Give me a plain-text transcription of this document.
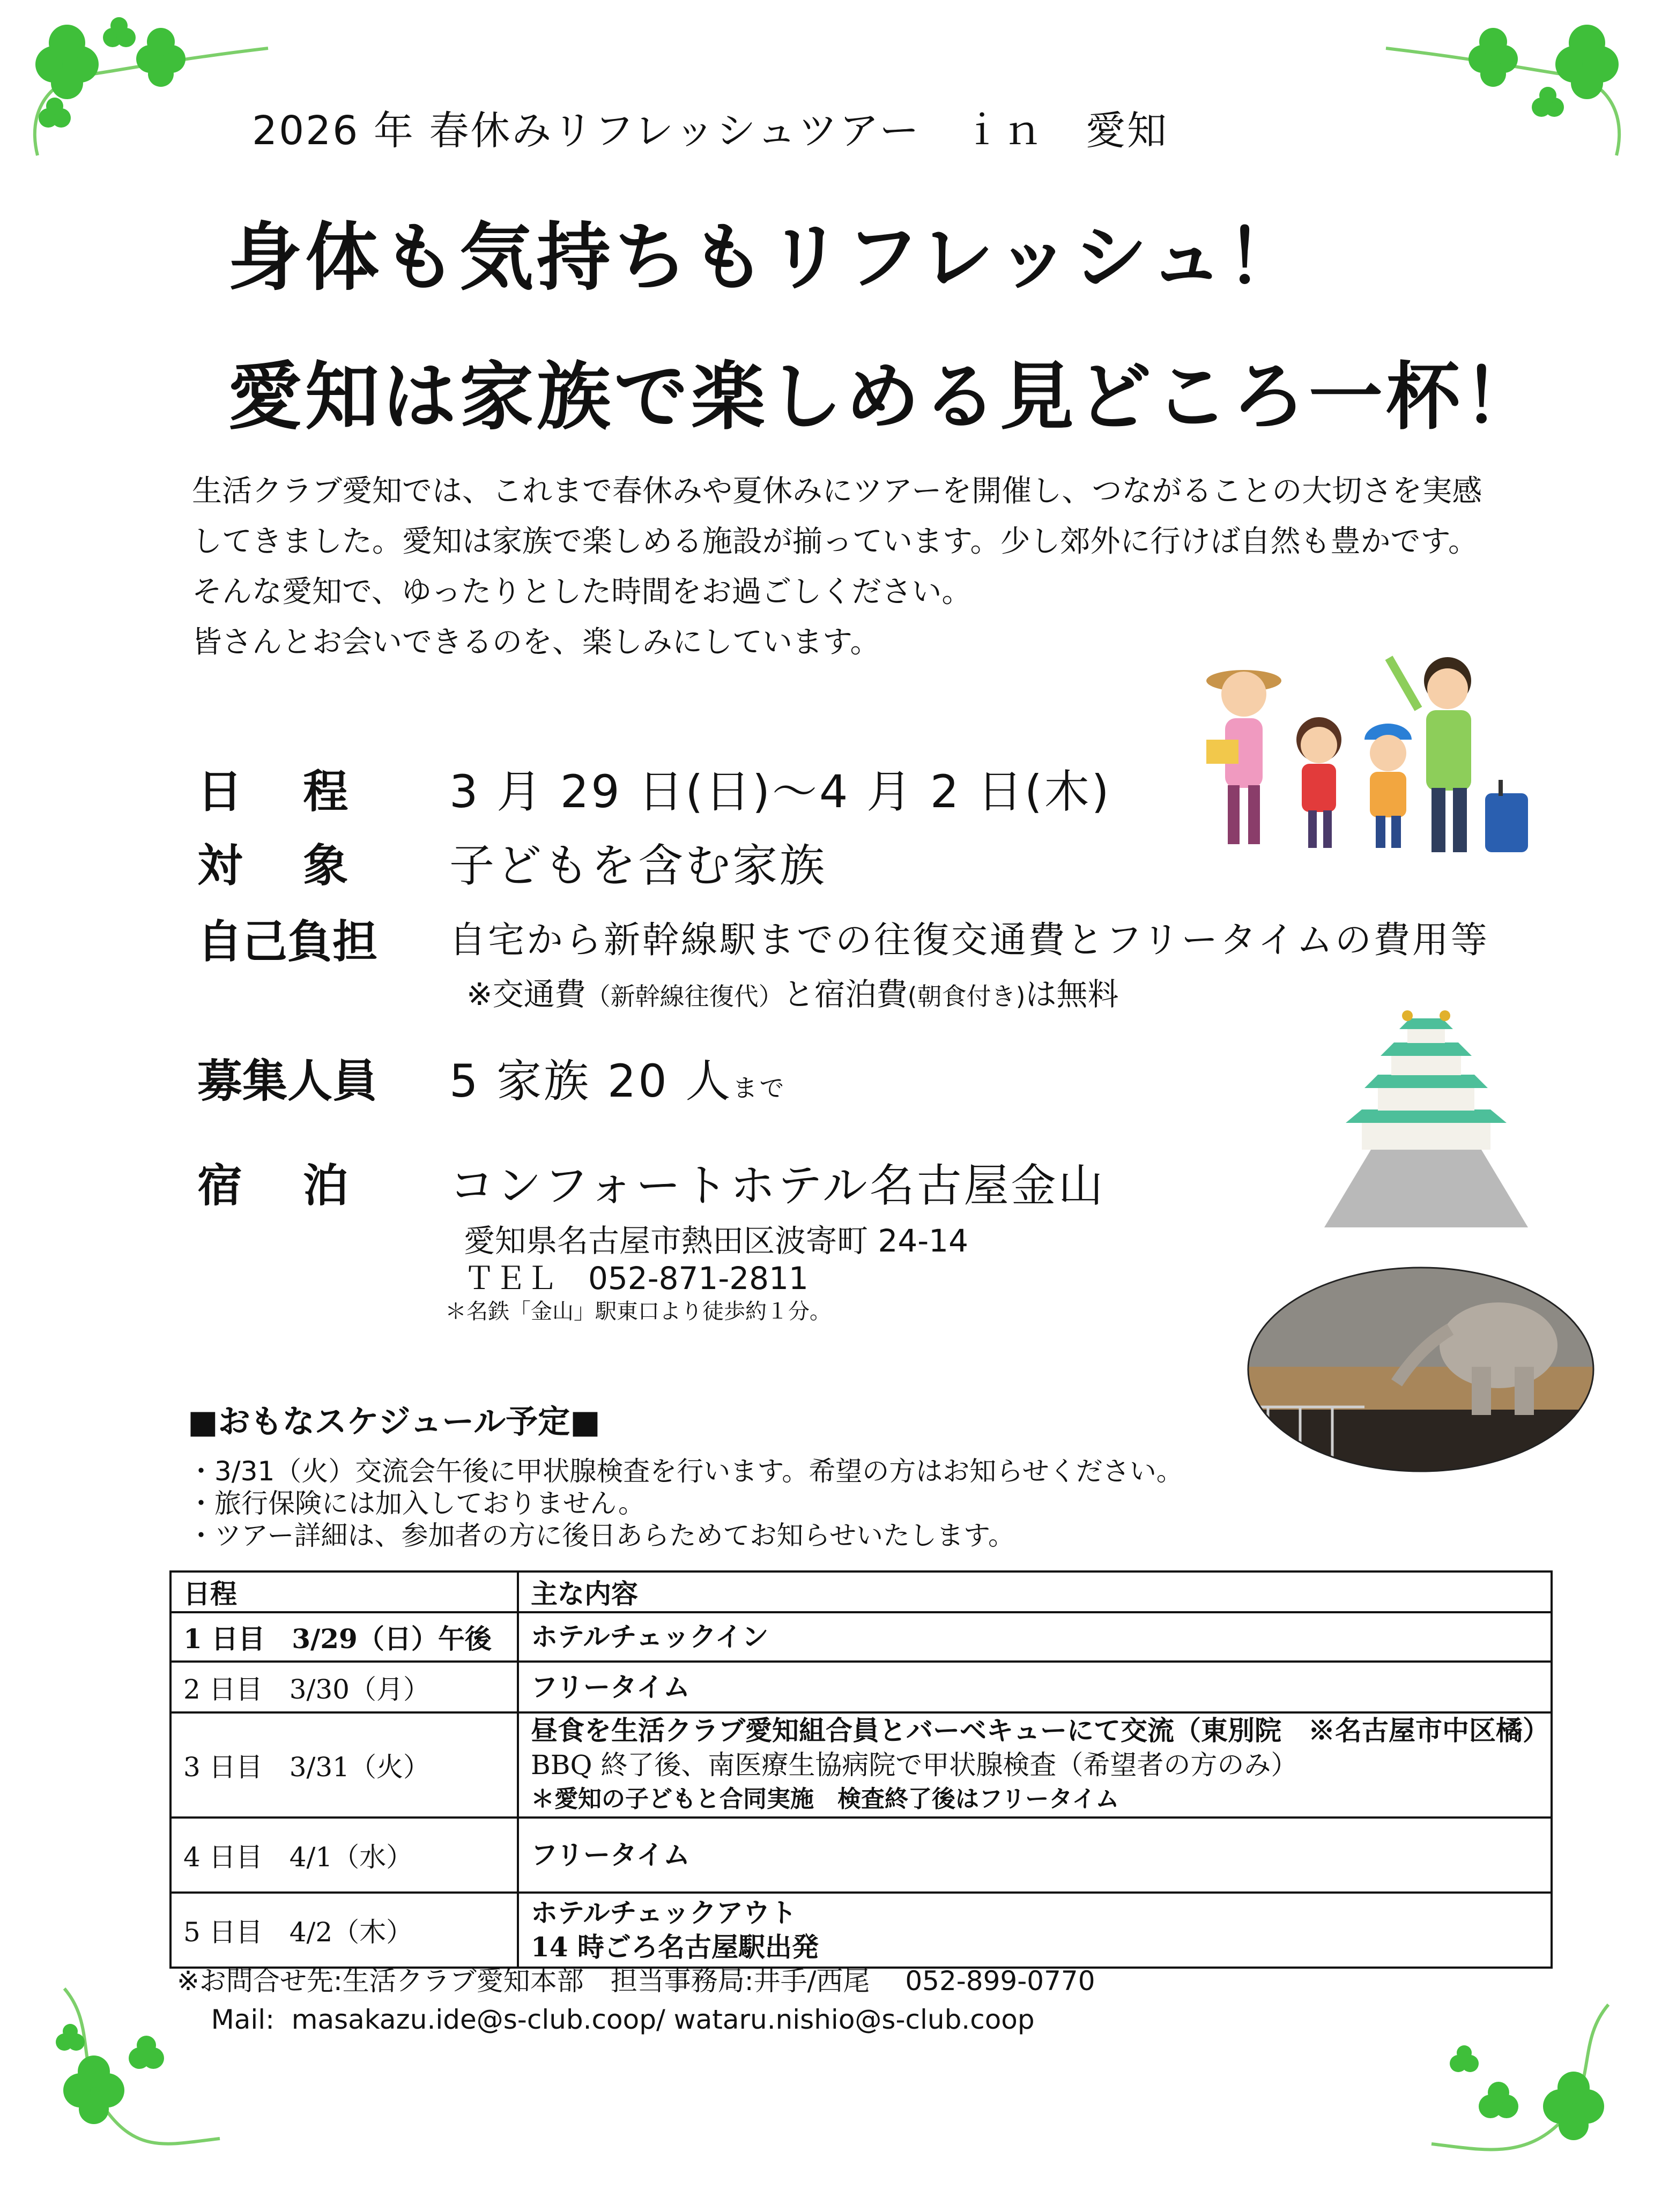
2026 年 春休みリフレッシュツアー　ｉｎ　愛知
身体も気持ちもリフレッシュ！
愛知は家族で楽しめる見どころ一杯！

生活クラブ愛知では、これまで春休みや夏休みにツアーを開催し、つながることの大切さを実感

してきました。愛知は家族で楽しめる施設が揃っています。少し郊外に行けば自然も豊かです。

そんな愛知で、ゆったりとした時間をお過ごしください。

皆さんとお会いできるのを、楽しみにしています。

日　 程 3 月 29 日(日)～4 月 2 日(木)
対　 象 子どもを含む家族
自己負担 自宅から新幹線駅までの往復交通費とフリータイムの費用等
※交通費（新幹線往復代）と宿泊費(朝食付き)は無料
募集人員 5 家族 20 人まで
宿　 泊 コンフォートホテル名古屋金山
愛知県名古屋市熱田区波寄町 24-14
ＴＥＬ　052-871-2811
＊名鉄「金山」駅東口より徒歩約１分。
■おもなスケジュール予定■
・3/31（火）交流会午後に甲状腺検査を行います。希望の方はお知らせください。
・旅行保険には加入しておりません。
・ツアー詳細は、参加者の方に後日あらためてお知らせいたします。
日程	主な内容
1 日目　3/29（日）午後	ホテルチェックイン

2 日目　3/30（月）	フリータイム

3 日目　3/31（火）	昼食を生活クラブ愛知組合員とバーベキューにて交流（東別院　※名古屋市中区橘）
BBQ 終了後、南医療生協病院で甲状腺検査（希望者の方のみ）
＊愛知の子どもと合同実施　検査終了後はフリータイム

4 日目　4/1（水）	フリータイム

5 日目　4/2（木）	ホテルチェックアウト
14 時ごろ名古屋駅出発
※お問合せ先:生活クラブ愛知本部　担当事務局:井手/西尾　 052-899-0770
Mail:  masakazu.ide@s-club.coop/ wataru.nishio@s-club.coop
